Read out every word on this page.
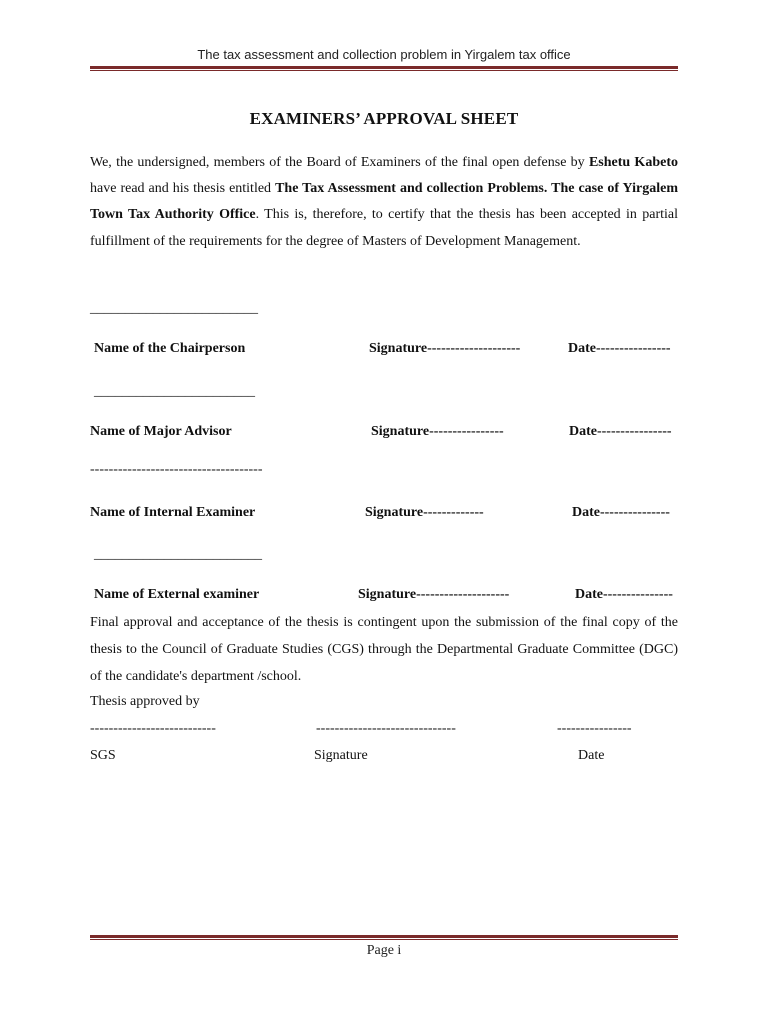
The tax assessment and collection problem in Yirgalem tax office
EXAMINERS’ APPROVAL SHEET
We, the undersigned, members of the Board of Examiners of the final open defense by Eshetu Kabeto have read and his thesis entitled The Tax Assessment and collection Problems. The case of Yirgalem Town Tax Authority Office. This is, therefore, to certify that the thesis has been accepted in partial fulfillment of the requirements for the degree of Masters of Development Management.
________________________
Name of the Chairperson	Signature--------------------	Date----------------
_______________________
Name of Major Advisor	Signature----------------	Date----------------
-------------------------------------
Name of Internal Examiner	Signature-------------	Date---------------
________________________
Name of External examiner	Signature--------------------	Date---------------
Final approval and acceptance of the thesis is contingent upon the submission of the final copy of the thesis to the Council of Graduate Studies (CGS) through the Departmental Graduate Committee (DGC) of the candidate's department /school.
Thesis approved by
---------------------------	------------------------------	----------------
SGS	Signature	Date
Page i
